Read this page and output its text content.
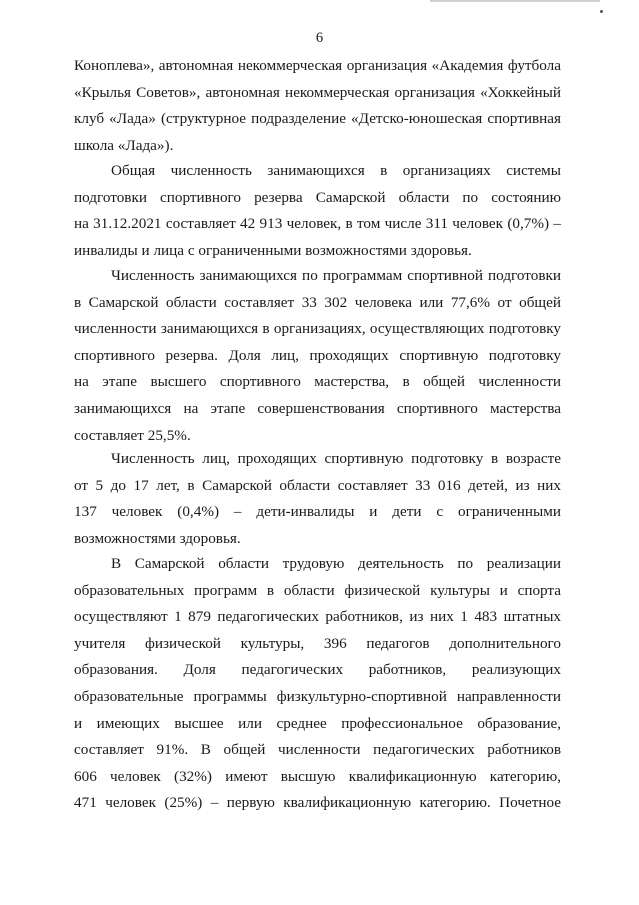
6
Коноплева», автономная некоммерческая организация «Академия футбола
«Крылья Советов», автономная некоммерческая организация «Хоккейный
клуб «Лада» (структурное подразделение «Детско-юношеская спортивная
школа «Лада»).
Общая численность занимающихся в организациях системы
подготовки спортивного резерва Самарской области по состоянию
на 31.12.2021 составляет 42 913 человек, в том числе 311 человек (0,7%) –
инвалиды и лица с ограниченными возможностями здоровья.
Численность занимающихся по программам спортивной подготовки
в Самарской области составляет 33 302 человека или 77,6% от общей
численности занимающихся в организациях, осуществляющих подготовку
спортивного резерва. Доля лиц, проходящих спортивную подготовку
на этапе высшего спортивного мастерства, в общей численности
занимающихся на этапе совершенствования спортивного мастерства
составляет 25,5%.
Численность лиц, проходящих спортивную подготовку в возрасте
от 5 до 17 лет, в Самарской области составляет 33 016 детей, из них
137 человек (0,4%) – дети-инвалиды и дети с ограниченными
возможностями здоровья.
В Самарской области трудовую деятельность по реализации
образовательных программ в области физической культуры и спорта
осуществляют 1 879 педагогических работников, из них 1 483 штатных
учителя физической культуры, 396 педагогов дополнительного
образования. Доля педагогических работников, реализующих
образовательные программы физкультурно-спортивной направленности
и имеющих высшее или среднее профессиональное образование,
составляет 91%. В общей численности педагогических работников
606 человек (32%) имеют высшую квалификационную категорию,
471 человек (25%) – первую квалификационную категорию. Почетное
